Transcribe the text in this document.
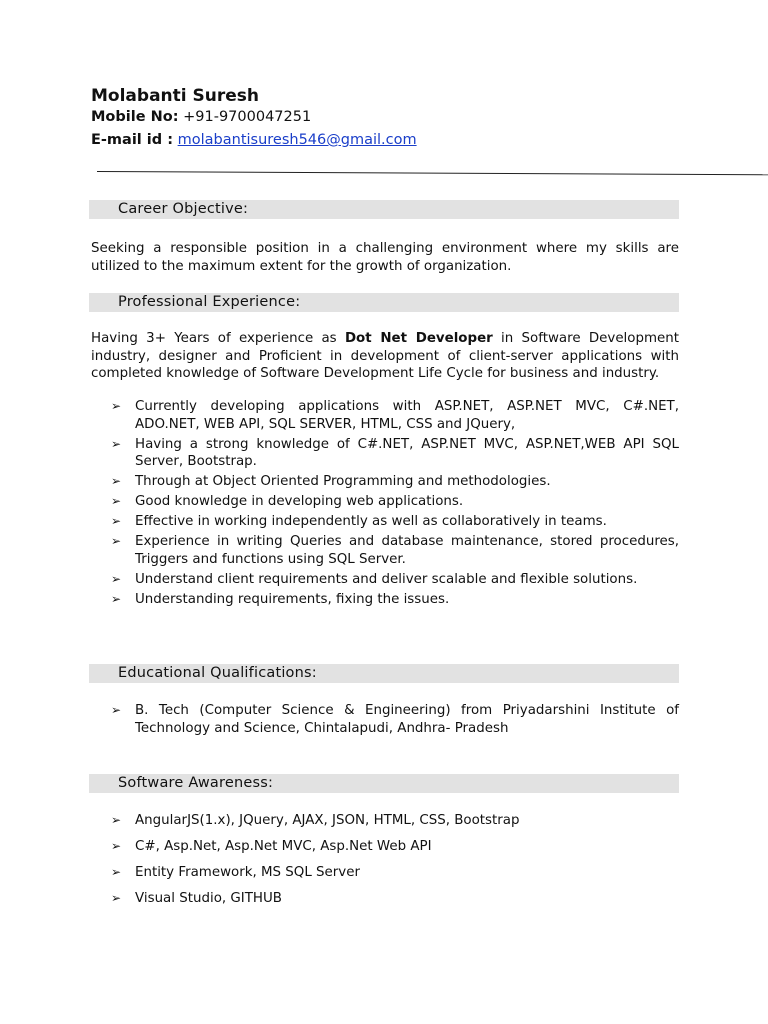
Molabanti Suresh
Mobile No: +91-9700047251
E-mail id : molabantisuresh546@gmail.com
Career Objective:
Seeking a responsible position in a challenging environment where my skills are utilized to the maximum extent for the growth of organization.
Professional Experience:
Having 3+ Years of experience as Dot Net Developer in Software Development industry, designer and Proficient in development of client-server applications with completed knowledge of Software Development Life Cycle for business and industry.
➢ Currently developing applications with ASP.NET, ASP.NET MVC, C#.NET, ADO.NET, WEB API, SQL SERVER, HTML, CSS and JQuery,
➢ Having a strong knowledge of C#.NET, ASP.NET MVC, ASP.NET,WEB API SQL Server, Bootstrap.
➢ Through at Object Oriented Programming and methodologies.
➢ Good knowledge in developing web applications.
➢ Effective in working independently as well as collaboratively in teams.
➢ Experience in writing Queries and database maintenance, stored procedures, Triggers and functions using SQL Server.
➢ Understand client requirements and deliver scalable and flexible solutions.
➢ Understanding requirements, fixing the issues.
Educational Qualifications:
➢ B. Tech (Computer Science & Engineering) from Priyadarshini Institute of Technology and Science, Chintalapudi, Andhra- Pradesh
Software Awareness:
➢ AngularJS(1.x), JQuery, AJAX, JSON, HTML, CSS, Bootstrap
➢ C#, Asp.Net, Asp.Net MVC, Asp.Net Web API
➢ Entity Framework, MS SQL Server
➢ Visual Studio, GITHUB
